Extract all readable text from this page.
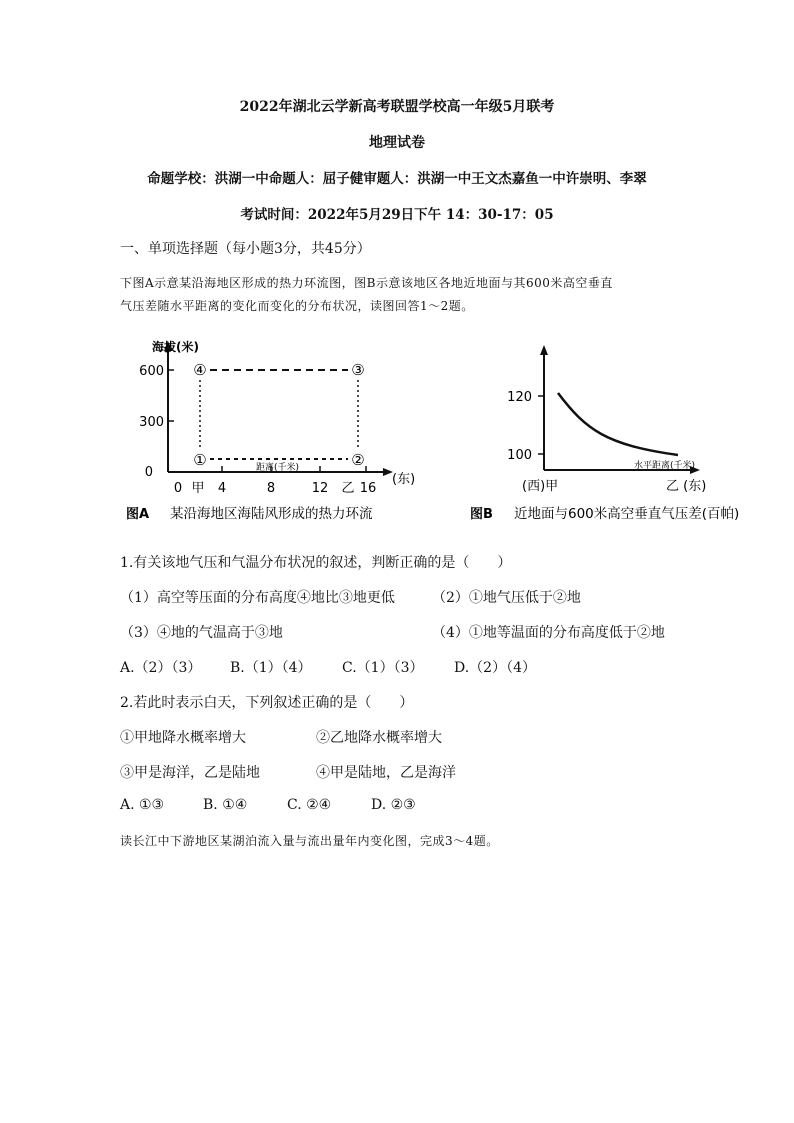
2022年湖北云学新高考联盟学校高一年级5月联考
地理试卷
命题学校：洪湖一中命题人：屈子健审题人：洪湖一中王文杰嘉鱼一中许崇明、李翠
考试时间：2022年5月29日下午 14：30-17：05
一、单项选择题（每小题3分，共45分）
下图A示意某沿海地区形成的热力环流图，图B示意该地区各地近地面与其600米高空垂直
气压差随水平距离的变化而变化的分布状况，读图回答1～2题。
海拔(米)
600
300
0
④	③
①	②
距离(千米)
(东)
0 甲 4	8	12 乙 16
图A 某沿海地区海陆风形成的热力环流
120
100
水平距离(千米)
(西)甲	乙 (东)
图B 近地面与600米高空垂直气压差(百帕)
1.有关该地气压和气温分布状况的叙述，判断正确的是（　　）
（1）高空等压面的分布高度④地比③地更低	（2）①地气压低于②地
（3）④地的气温高于③地	（4）①地等温面的分布高度低于②地
A.（2）（3） B.（1）（4） C.（1）（3） D.（2）（4）
2.若此时表示白天，下列叙述正确的是（　　）
①甲地降水概率增大	②乙地降水概率增大
③甲是海洋，乙是陆地	④甲是陆地，乙是海洋
A. ①③	B. ①④	C. ②④	D. ②③
读长江中下游地区某湖泊流入量与流出量年内变化图，完成3～4题。
